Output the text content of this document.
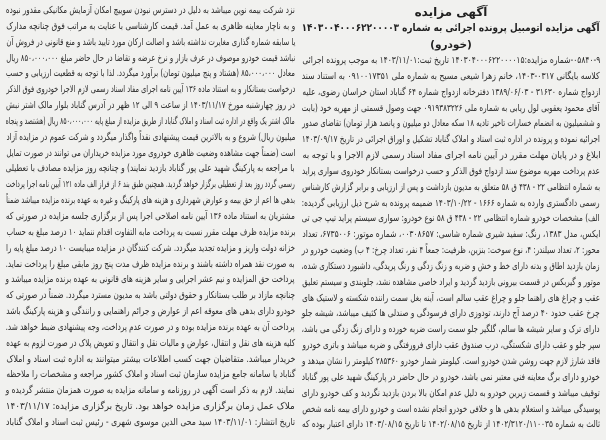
آگهی مزایده
آگهی مزایده اتومبیل پرونده اجرائی به شماره ۱۴۰۳۰۰۴۰۰۰۶۲۲۰۰۰۰۳
(خودرو)
۰۵۸۴۰-۹-شماره مزایده:۱۴۰۳۰۴۰۰۰۶۲۲۰۰۰۰۱۵ تاریخ ثبت:۱۴۰۳/۱۱/۰۱ به موجب پرونده اجرائی
کلاسه بایگانی ۰۳۱۷-۱۴۰۳، خانم زهرا شیعی مسیح به شماره ملی ۰۹۱۰۰۱۷۳۵۱ به استناد سند
ازدواج شماره ۳۱۶۳۰ - ۱۳۸۹/۰۶/۰۳ دفترخانه ازدواج شماره ۶۴ گناباد استان خراسان رضوی، علیه
آقای محمود یعقوبی لول ریابی به شماره ملی ۰۹۱۹۳۸۳۲۲۶ جهت وصول قسمتی از مهریه خود (بابت
و ششمیلیون به انضمام خسارات تاخیر تادیه ۱۸ سکه معادل دو میلیون و پانصد هزار تومان) تقاضای صدور
اجرائیه نموده و پرونده در اداره ثبت اسناد و املاک گناباد تشکیل و اوراق اجرائی در تاریخ ۱۴۰۳/۰۹/۱۷
ابلاغ و در پایان مهلت مقرر در آیین نامه اجرای مفاد اسناد رسمی لازم الاجرا و با توجه به
عدم پرداخت مهریه موضوع سند ازدواج فوق الذکر و حسب درخواست بستانکار خودروی سواری پراید
به شماره انتظامی ۲۲ - ۴۳۸ ق ۵۸ متعلق به مدیون بازداشت و پس از ارزیابی و برابر گزارش کارشناس
رسمی دادگستری وارده به شماره ۱۶۶۶ - ۱۴۰۳/۱۰/۲۲ ضمیمه پرونده به شرح ذیل ارزیابی گردیده:
الف) مشخصات خودرو شماره انتظامی ۲۲ - ۴۳۸ ق ۵۸ نوع خودرو: سواری سیستم پراید تیپ جی تی
ایکس، مدل ۱۳۸۳، رنگ: سفید شیری شماره شاسی: ۰۰۳۰۸۶۵۷، شماره موتور: ۶۷۳۵۰۰۶، تعداد
محور: ۲، تعداد سیلندر: ۴، نوع سوخت: بنزین، ظرفیت: جمعاً ۴ نفر، تعداد چرخ: ۴ ب) وضعیت خودرو در
زمان بازدید اطاق و بدنه دارای خط و خش و ضربه و زنگ زدگی و رنگ پریدگی، داشبورد دستکاری شده،
موتور و گیربکس در قسمت بیرونی بازدید گردید و ایراد خاصی مشاهده نشد، جلوبندی و سیستم تعلیق
عقب و چراغ های راهنما جلو و چراغ عقب سالم است، آینه بغل سمت راننده شکسته و لاستیک های
چرخ عقب حدود ۴۰ درصد آج دارند، تودوزی دارای فرسودگی و صندلی ها کثیف میباشد، شیشه جلو
دارای ترک و سایر شیشه ها سالم، گلگیر جلو سمت راست ضربه خورده و دارای زنگ زدگی می باشد،
سپر جلو و عقب دارای شکستگی، درب صندوق عقب دارای فرورفتگی و ضربه میباشد و باتری خودرو
فاقد شارژ لازم جهت روشن شدن خودرو است. کیلومتر شمار خودرو ۲۸۵۳۶۰ کیلومتر را نشان میدهد و
خودرو دارای برگ معاینه فنی معتبر نمی باشد، خودرو در حال حاضر در پارکینگ شهید علی پور گناباد
توقیف میباشد و قسمت زیرین خودرو به دلیل عدم امکان بالا بردن بازدید نگردید و کف خودرو دارای
پوسیدگی میباشد و استعلام بدهی ها و خلافی خودرو انجام نشده است و خودرو دارای بیمه نامه شخص
ثالث به شماره ۱۴۰۲/۳۱۲۰/۱۱۰۰۳۵ از تاریخ ۱۴۰۲/۰۸/۱۵ تا تاریخ ۱۴۰۳/۰۸/۱۵ دارای اعتبار بوده که
نزد شرکت بیمه نوین میباشد به دلیل در دسترس نبودن سوییچ امکان آزمایش مکانیکی مقدور نبوده
و به ناچار معاینه ظاهری به عمل آمد. قیمت کارشناسی با عنایت به مراتب فوق چنانچه مدارک
یا سابقه شماره گذاری مغایرت نداشته باشد و اصالت ارکان مورد تایید باشد و منع قانونی در فروش آن
نباشد قیمت خودرو موصوف در عرف بازار و نرخ عرضه و تقاضا در حال حاضر مبلغ ۸۵۰،۰۰۰،۰۰۰ ریال
معادل ۸۵،۰۰۰،۰۰۰ (هشتاد و پنج میلیون تومان) برآورد میگردد. لذا با توجه به قطعیت ارزیابی و حسب
درخواست بستانکار و به استناد ماده ۱۳۶ آیین نامه اجرای مفاد اسناد رسمی لازم الاجرا خودروی فوق الذکر
در روز چهارشنبه مورخ ۱۴۰۳/۱۱/۱۷ از ساعت ۹ الی ۱۲ ظهر در آدرس گناباد بلوار مالک اشتر نبش
مالک اشتر یک واقع در اداره ثبت اسناد و املاک گناباد از طریق مزایده از مبلغ پایه ۸۵۰،۰۰۰،۰۰۰ ریال (هشتصد و پنجاه
میلیون ریال) شروع و به بالاترین قیمت پیشنهادی نقداً واگذار میگردد و شرکت عموم در مزایده آزاد
است (ضمناً جهت مشاهده وضعیت ظاهری خودروی مورد مزایده خریداران می توانند در صورت تمایل
با مراجعه به پارکینگ شهید علی پور گناباد بازدید نمایند) و چنانچه روز مزایده مصادف با تعطیلی
رسمی گردد روز بعد از تعطیلی برگزار خواهد گردید. همچنین طبق بند ۶ از فراز الف ماده ۱۲۱ آیین نامه اجرا پرداخت
بدهی ها اعم از حق بیمه و عوارض شهرداری و هزینه های پارکینگ و غیره به عهده برنده مزایده میباشد ضمناً
مشتریان به استناد ماده ۱۳۶ آیین نامه اصلاحی اجرا پس از برگزاری جلسه مزایده در صورتی که
برنده مزایده ظرف مهلت مقرر نسبت به پرداخت مابه التفاوت اقدام ننماید ۱۰ درصد مبلغ به حساب
خزانه دولت واریز و مزایده تجدید میگردد. شرکت کنندگان در مزایده میبایست ۱۰ درصد مبلغ پایه را
به صورت نقد همراه داشته باشند و برنده مزایده ظرف مدت پنج روز مابقی مبلغ را پرداخت نماید.
پرداخت حق المزایده و نیم عشر اجرایی و سایر هزینه های قانونی به عهده برنده مزایده میباشد و
چنانچه مازاد بر طلب بستانکار و حقوق دولتی باشد به مدیون مسترد میگردد. ضمناً در صورتی که
خودرو دارای بدهی های معوقه اعم از عوارض و جرائم راهنمایی و رانندگی و هزینه پارکینگ باشد
پرداخت آن به عهده برنده مزایده بوده و در صورت عدم پرداخت، وجه پیشنهادی ضبط خواهد شد.
کلیه هزینه های نقل و انتقال، عوارض و مالیات نقل و انتقال و تعویض پلاک در صورت لزوم به عهده
خریدار میباشد. متقاضیان جهت کسب اطلاعات بیشتر میتوانند به اداره ثبت اسناد و املاک
گناباد یا سامانه جامع مزایده سازمان ثبت اسناد و املاک کشور مراجعه و مشخصات را ملاحظه
نمایند. لازم به ذکر است آگهی در روزنامه و سامانه مزایده به صورت همزمان منتشر گردیده و
ملاک عمل زمان برگزاری مزایده خواهد بود. تاریخ برگزاری مزایده: ۱۴۰۳/۱۱/۱۷
تاریخ انتشار: ۱۴۰۳/۱۱/۰۱ سید محی الدین موسوی شهری - رئیس ثبت اسناد و املاک گناباد
